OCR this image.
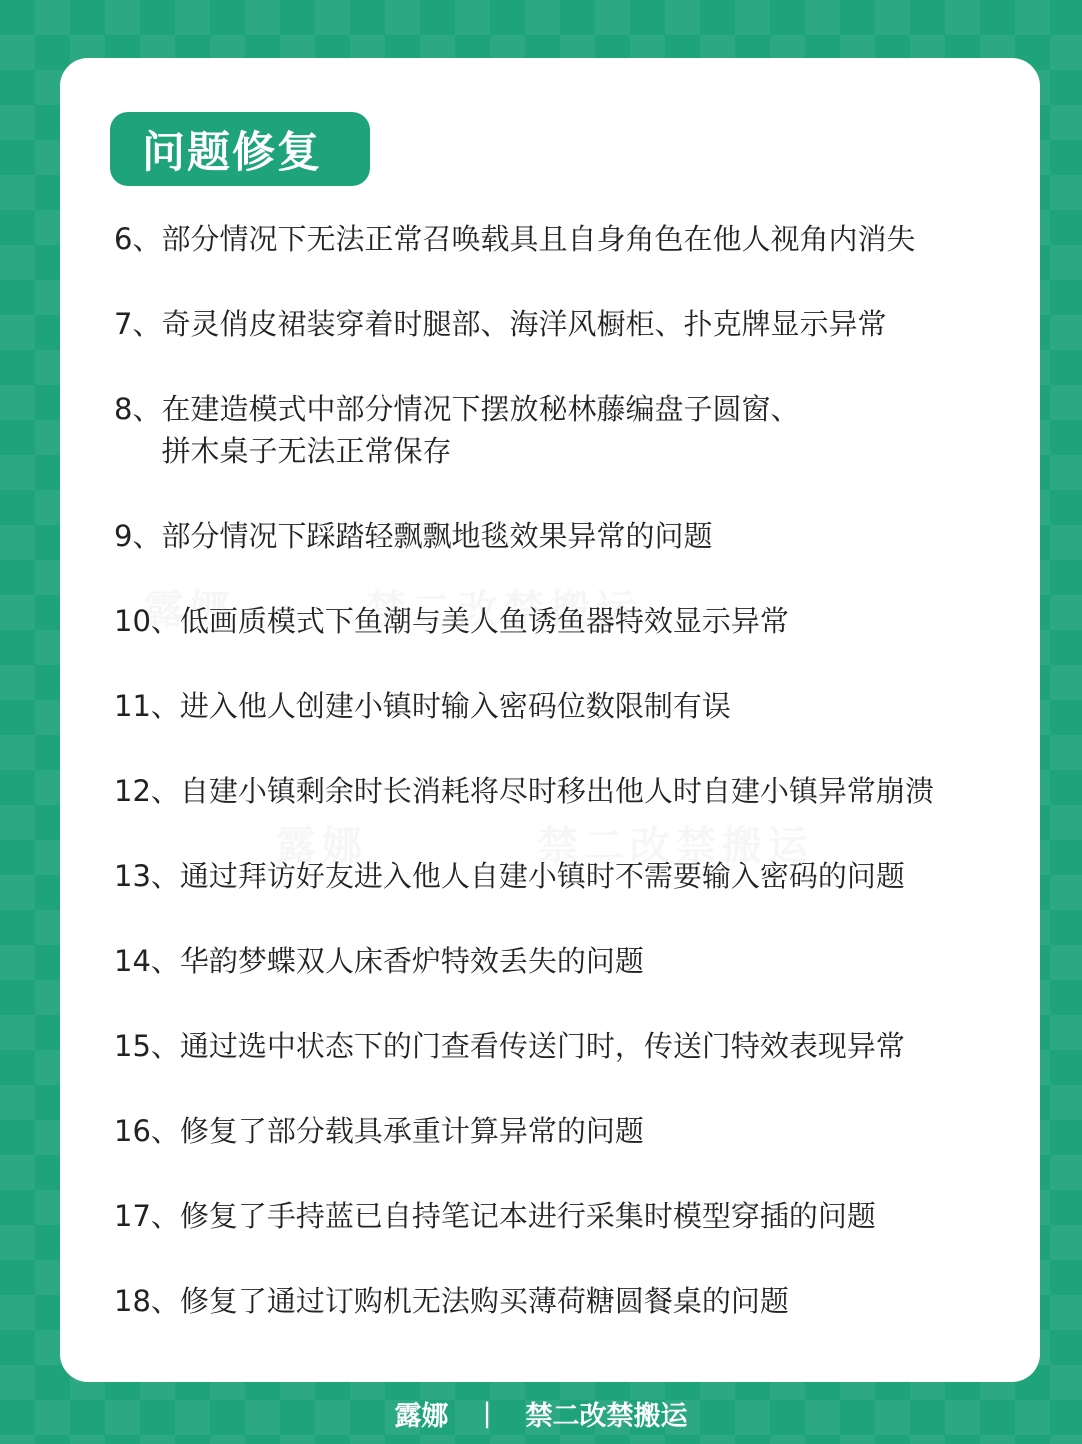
问题修复
6、 部分情况下无法正常召唤载具且自身角色在他人视角内消失
7、 奇灵俏皮裙装穿着时腿部、海洋风橱柜、扑克牌显示异常
8、 在建造模式中部分情况下摆放秘林藤编盘子圆窗、
拼木桌子无法正常保存
9、 部分情况下踩踏轻飘飘地毯效果异常的问题
10、 低画质模式下鱼潮与美人鱼诱鱼器特效显示异常
11、 进入他人创建小镇时输入密码位数限制有误
12、 自建小镇剩余时长消耗将尽时移出他人时自建小镇异常崩溃
13、 通过拜访好友进入他人自建小镇时不需要输入密码的问题
14、 华韵梦蝶双人床香炉特效丢失的问题
15、 通过选中状态下的门查看传送门时，传送门特效表现异常
16、 修复了部分载具承重计算异常的问题
17、 修复了手持蓝已自持笔记本进行采集时模型穿插的问题
18、 修复了通过订购机无法购买薄荷糖圆餐桌的问题
露娜 | 禁二改禁搬运
